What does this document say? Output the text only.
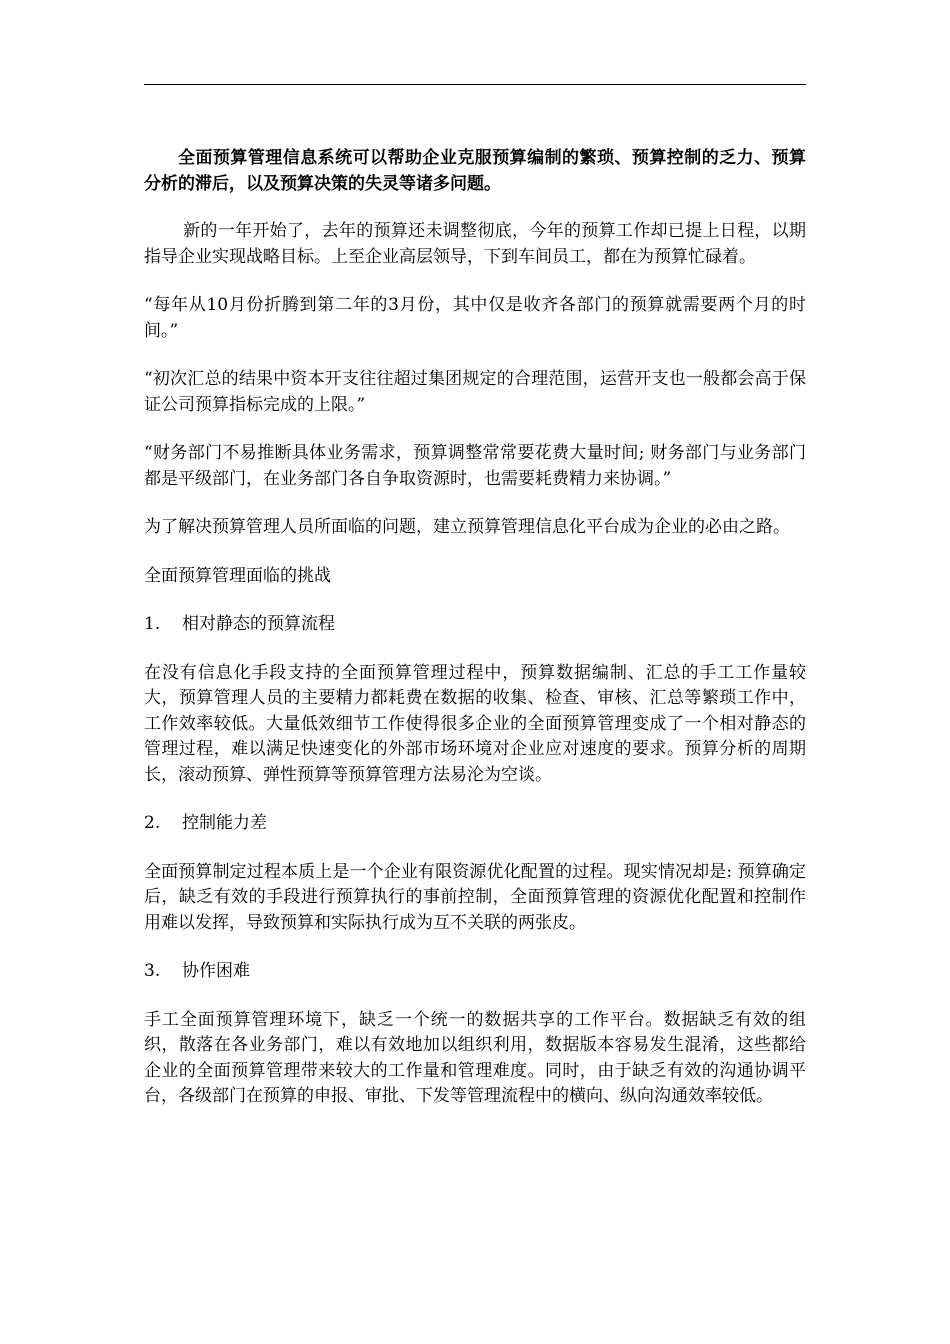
全面预算管理信息系统可以帮助企业克服预算编制的繁琐、预算控制的乏力、预算分析的滞后，以及预算决策的失灵等诸多问题。

新的一年开始了，去年的预算还未调整彻底，今年的预算工作却已提上日程，以期指导企业实现战略目标。上至企业高层领导，下到车间员工，都在为预算忙碌着。

“每年从10月份折腾到第二年的3月份，其中仅是收齐各部门的预算就需要两个月的时间。”

“初次汇总的结果中资本开支往往超过集团规定的合理范围，运营开支也一般都会高于保证公司预算指标完成的上限。”

“财务部门不易推断具体业务需求，预算调整常常要花费大量时间; 财务部门与业务部门都是平级部门，在业务部门各自争取资源时，也需要耗费精力来协调。”

为了解决预算管理人员所面临的问题，建立预算管理信息化平台成为企业的必由之路。

全面预算管理面临的挑战

1. 相对静态的预算流程

在没有信息化手段支持的全面预算管理过程中，预算数据编制、汇总的手工工作量较大，预算管理人员的主要精力都耗费在数据的收集、检查、审核、汇总等繁琐工作中，工作效率较低。大量低效细节工作使得很多企业的全面预算管理变成了一个相对静态的管理过程，难以满足快速变化的外部市场环境对企业应对速度的要求。预算分析的周期长，滚动预算、弹性预算等预算管理方法易沦为空谈。

2. 控制能力差

全面预算制定过程本质上是一个企业有限资源优化配置的过程。现实情况却是: 预算确定后，缺乏有效的手段进行预算执行的事前控制，全面预算管理的资源优化配置和控制作用难以发挥，导致预算和实际执行成为互不关联的两张皮。

3. 协作困难

手工全面预算管理环境下，缺乏一个统一的数据共享的工作平台。数据缺乏有效的组织，散落在各业务部门，难以有效地加以组织利用，数据版本容易发生混淆，这些都给企业的全面预算管理带来较大的工作量和管理难度。同时，由于缺乏有效的沟通协调平台，各级部门在预算的申报、审批、下发等管理流程中的横向、纵向沟通效率较低。
